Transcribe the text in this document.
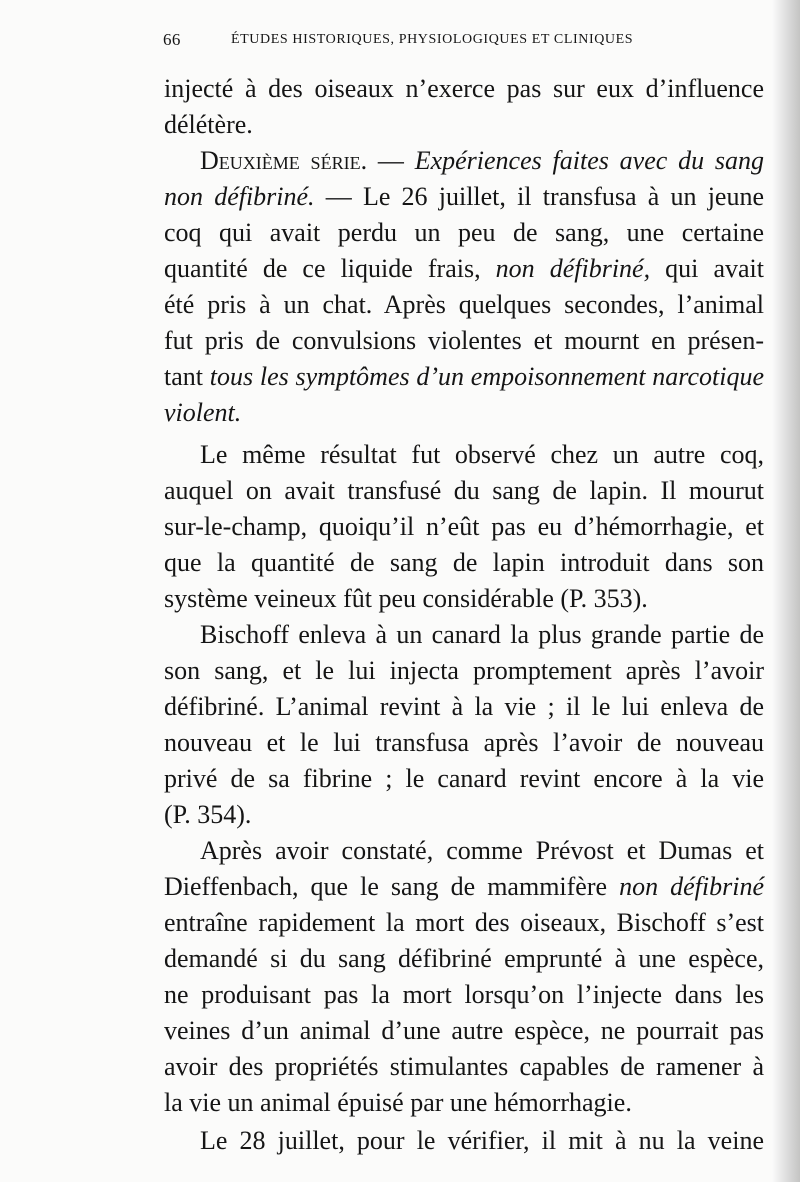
66	ÉTUDES HISTORIQUES, PHYSIOLOGIQUES ET CLINIQUES
injecté à des oiseaux n’exerce pas sur eux d’influence
délétère.
Deuxième série. — Expériences faites avec du sang
non défibriné. — Le 26 juillet, il transfusa à un jeune
coq qui avait perdu un peu de sang, une certaine
quantité de ce liquide frais, non défibriné, qui avait
été pris à un chat. Après quelques secondes, l’animal
fut pris de convulsions violentes et mournt en présen-
tant tous les symptômes d’un empoisonnement narcotique
violent.
Le même résultat fut observé chez un autre coq,
auquel on avait transfusé du sang de lapin. Il mourut
sur-le-champ, quoiqu’il n’eût pas eu d’hémorrhagie, et
que la quantité de sang de lapin introduit dans son
système veineux fût peu considérable (P. 353).
Bischoff enleva à un canard la plus grande partie de
son sang, et le lui injecta promptement après l’avoir
défibriné. L’animal revint à la vie ; il le lui enleva de
nouveau et le lui transfusa après l’avoir de nouveau
privé de sa fibrine ; le canard revint encore à la vie
(P. 354).
Après avoir constaté, comme Prévost et Dumas et
Dieffenbach, que le sang de mammifère non défibriné
entraîne rapidement la mort des oiseaux, Bischoff s’est
demandé si du sang défibriné emprunté à une espèce,
ne produisant pas la mort lorsqu’on l’injecte dans les
veines d’un animal d’une autre espèce, ne pourrait pas
avoir des propriétés stimulantes capables de ramener à
la vie un animal épuisé par une hémorrhagie.
Le 28 juillet, pour le vérifier, il mit à nu la veine
